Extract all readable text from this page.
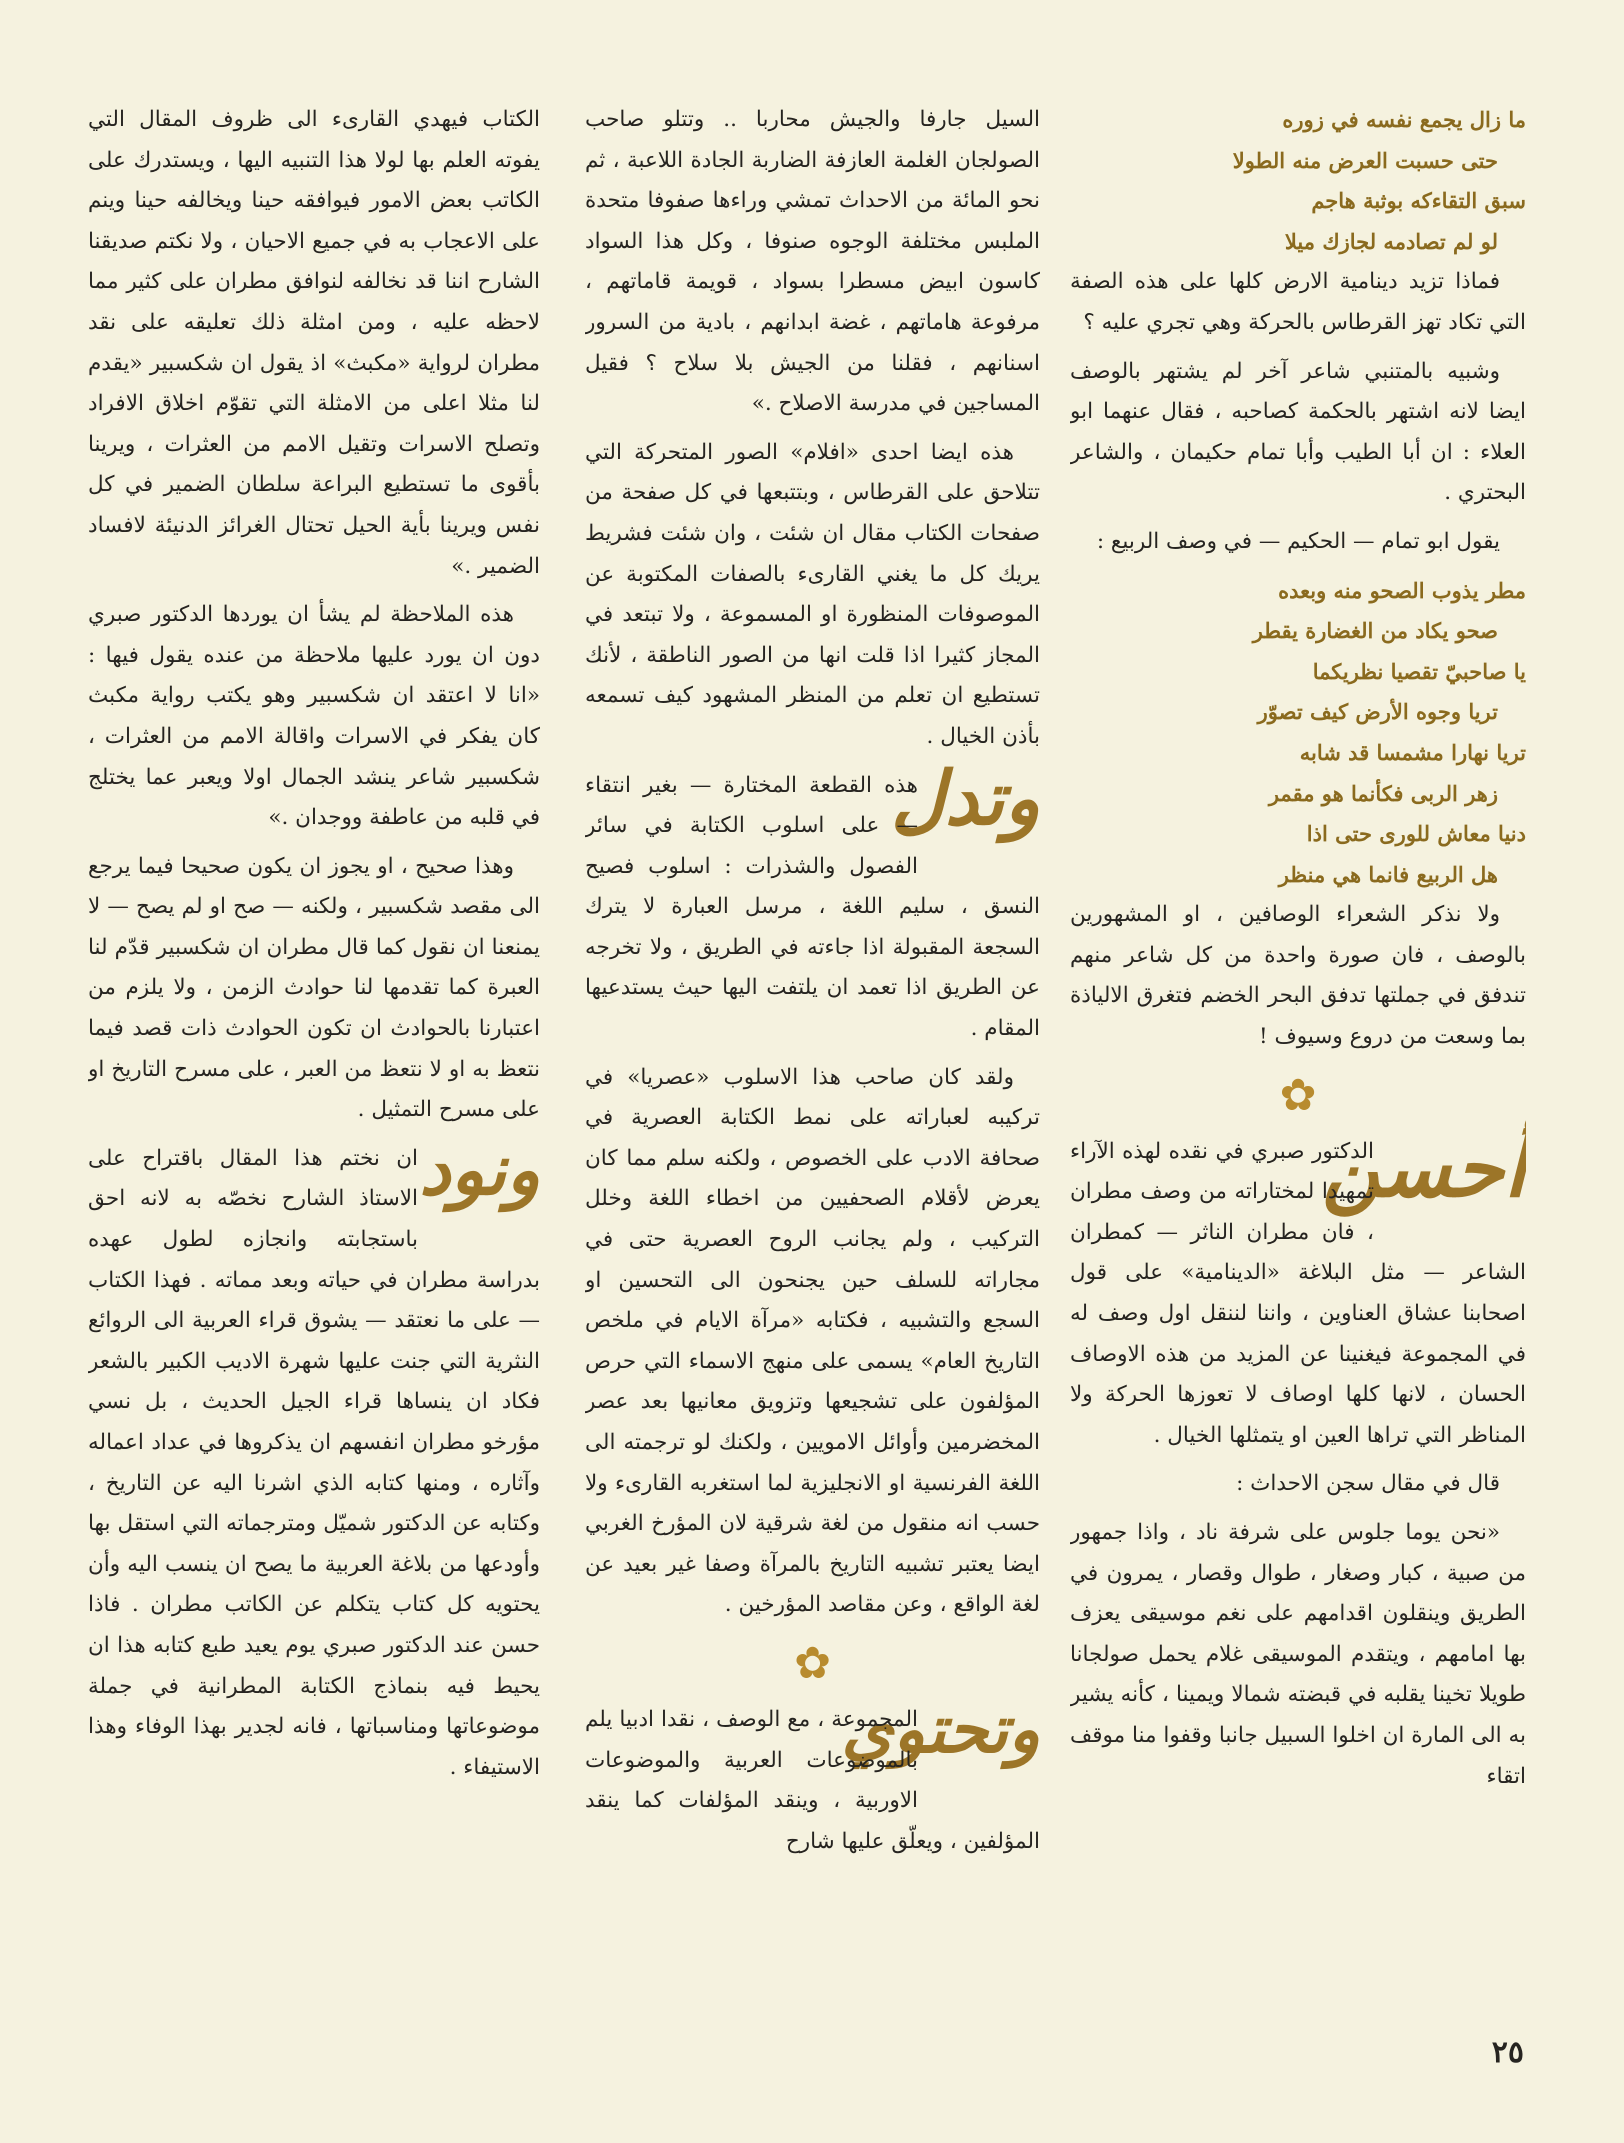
ما زال يجمع نفسه في زوره
حتى حسبت العرض منه الطولا
سبق التقاءكه بوثبة هاجم
لو لم تصادمه لجازك ميلا

فماذا تزيد دينامية الارض كلها على هذه الصفة التي تكاد تهز القرطاس بالحركة وهي تجري عليه ؟

وشبيه بالمتنبي شاعر آخر لم يشتهر بالوصف ايضا لانه اشتهر بالحكمة كصاحبه ، فقال عنهما ابو العلاء : ان أبا الطيب وأبا تمام حكيمان ، والشاعر البحتري .

يقول ابو تمام — الحكيم — في وصف الربيع :

مطر يذوب الصحو منه وبعده
صحو يكاد من الغضارة يقطر
يا صاحبيّ تقصيا نظريكما
تريا وجوه الأرض كيف تصوّر
تريا نهارا مشمسا قد شابه
زهر الربى فكأنما هو مقمر
دنيا معاش للورى حتى اذا
هل الربيع فانما هي منظر

ولا نذكر الشعراء الوصافين ، او المشهورين بالوصف ، فان صورة واحدة من كل شاعر منهم تندفق في جملتها تدفق البحر الخضم فتغرق الالياذة بما وسعت من دروع وسيوف !

✿

أحسن
الدكتور صبري في نقده لهذه الآراء تمهيدا لمختاراته من وصف مطران ، فان مطران الناثر — كمطران الشاعر — مثل البلاغة «الدينامية» على قول اصحابنا عشاق العناوين ، واننا لننقل اول وصف له في المجموعة فيغنينا عن المزيد من هذه الاوصاف الحسان ، لانها كلها اوصاف لا تعوزها الحركة ولا المناظر التي تراها العين او يتمثلها الخيال .

قال في مقال سجن الاحداث :

«نحن يوما جلوس على شرفة ناد ، واذا جمهور من صبية ، كبار وصغار ، طوال وقصار ، يمرون في الطريق وينقلون اقدامهم على نغم موسيقى يعزف بها امامهم ، ويتقدم الموسيقى غلام يحمل صولجانا طويلا تخينا يقلبه في قبضته شمالا ويمينا ، كأنه يشير به الى المارة ان اخلوا السبيل جانبا وقفوا منا موقف اتقاء

السيل جارفا والجيش محاربا .. وتتلو صاحب الصولجان الغلمة العازفة الضاربة الجادة اللاعبة ، ثم نحو المائة من الاحداث تمشي وراءها صفوفا متحدة الملبس مختلفة الوجوه صنوفا ، وكل هذا السواد كاسون ابيض مسطرا بسواد ، قويمة قاماتهم ، مرفوعة هاماتهم ، غضة ابدانهم ، بادية من السرور اسنانهم ، فقلنا من الجيش بلا سلاح ؟ فقيل المساجين في مدرسة الاصلاح .»

هذه ايضا احدى «افلام» الصور المتحركة التي تتلاحق على القرطاس ، وبتتبعها في كل صفحة من صفحات الكتاب مقال ان شئت ، وان شئت فشريط يريك كل ما يغني القارىء بالصفات المكتوبة عن الموصوفات المنظورة او المسموعة ، ولا تبتعد في المجاز كثيرا اذا قلت انها من الصور الناطقة ، لأنك تستطيع ان تعلم من المنظر المشهود كيف تسمعه بأذن الخيال .

وتدل
هذه القطعة المختارة — بغير انتقاء — على اسلوب الكتابة في سائر الفصول والشذرات : اسلوب فصيح النسق ، سليم اللغة ، مرسل العبارة لا يترك السجعة المقبولة اذا جاءته في الطريق ، ولا تخرجه عن الطريق اذا تعمد ان يلتفت اليها حيث يستدعيها المقام .

ولقد كان صاحب هذا الاسلوب «عصريا» في تركيبه لعباراته على نمط الكتابة العصرية في صحافة الادب على الخصوص ، ولكنه سلم مما كان يعرض لأقلام الصحفيين من اخطاء اللغة وخلل التركيب ، ولم يجانب الروح العصرية حتى في مجاراته للسلف حين يجنحون الى التحسين او السجع والتشبيه ، فكتابه «مرآة الايام في ملخص التاريخ العام» يسمى على منهج الاسماء التي حرص المؤلفون على تشجيعها وتزويق معانيها بعد عصر المخضرمين وأوائل الامويين ، ولكنك لو ترجمته الى اللغة الفرنسية او الانجليزية لما استغربه القارىء ولا حسب انه منقول من لغة شرقية لان المؤرخ الغربي ايضا يعتبر تشبيه التاريخ بالمرآة وصفا غير بعيد عن لغة الواقع ، وعن مقاصد المؤرخين .

✿

وتحتوي
المجموعة ، مع الوصف ، نقدا ادبيا يلم بالموضوعات العربية والموضوعات الاوربية ، وينقد المؤلفات كما ينقد المؤلفين ، ويعلّق عليها شارح

الكتاب فيهدي القارىء الى ظروف المقال التي يفوته العلم بها لولا هذا التنبيه اليها ، ويستدرك على الكاتب بعض الامور فيوافقه حينا ويخالفه حينا وينم على الاعجاب به في جميع الاحيان ، ولا نكتم صديقنا الشارح اننا قد نخالفه لنوافق مطران على كثير مما لاحظه عليه ، ومن امثلة ذلك تعليقه على نقد مطران لرواية «مكبث» اذ يقول ان شكسبير «يقدم لنا مثلا اعلى من الامثلة التي تقوّم اخلاق الافراد وتصلح الاسرات وتقيل الامم من العثرات ، ويرينا بأقوى ما تستطيع البراعة سلطان الضمير في كل نفس ويرينا بأية الحيل تحتال الغرائز الدنيئة لافساد الضمير .»

هذه الملاحظة لم يشأ ان يوردها الدكتور صبري دون ان يورد عليها ملاحظة من عنده يقول فيها : «انا لا اعتقد ان شكسبير وهو يكتب رواية مكبث كان يفكر في الاسرات واقالة الامم من العثرات ، شكسبير شاعر ينشد الجمال اولا ويعبر عما يختلج في قلبه من عاطفة ووجدان .»

وهذا صحيح ، او يجوز ان يكون صحيحا فيما يرجع الى مقصد شكسبير ، ولكنه — صح او لم يصح — لا يمنعنا ان نقول كما قال مطران ان شكسبير قدّم لنا العبرة كما تقدمها لنا حوادث الزمن ، ولا يلزم من اعتبارنا بالحوادث ان تكون الحوادث ذات قصد فيما نتعظ به او لا نتعظ من العبر ، على مسرح التاريخ او على مسرح التمثيل .

ونود
ان نختم هذا المقال باقتراح على الاستاذ الشارح نخصّه به لانه احق باستجابته وانجازه لطول عهده بدراسة مطران في حياته وبعد مماته . فهذا الكتاب — على ما نعتقد — يشوق قراء العربية الى الروائع النثرية التي جنت عليها شهرة الاديب الكبير بالشعر فكاد ان ينساها قراء الجيل الحديث ، بل نسي مؤرخو مطران انفسهم ان يذكروها في عداد اعماله وآثاره ، ومنها كتابه الذي اشرنا اليه عن التاريخ ، وكتابه عن الدكتور شميّل ومترجماته التي استقل بها وأودعها من بلاغة العربية ما يصح ان ينسب اليه وأن يحتويه كل كتاب يتكلم عن الكاتب مطران . فاذا حسن عند الدكتور صبري يوم يعيد طبع كتابه هذا ان يحيط فيه بنماذج الكتابة المطرانية في جملة موضوعاتها ومناسباتها ، فانه لجدير بهذا الوفاء وهذا الاستيفاء .

٢٥
